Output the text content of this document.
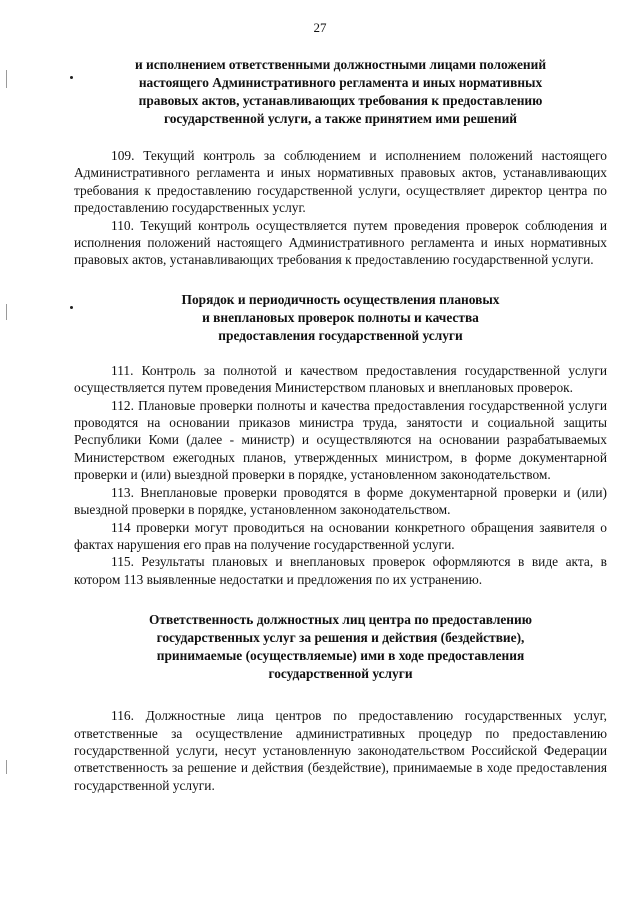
27
и исполнением ответственными должностными лицами положений
настоящего Административного регламента и иных нормативных
правовых актов, устанавливающих требования к предоставлению
государственной услуги, а также принятием ими решений

109. Текущий контроль за соблюдением и исполнением положений настоящего Административного регламента и иных нормативных правовых актов, устанавливающих требования к предоставлению государственной услуги, осуществляет директор центра по предоставлению государственных услуг.

110. Текущий контроль осуществляется путем проведения проверок соблюдения и исполнения положений настоящего Административного регламента и иных нормативных правовых актов, устанавливающих требования к предоставлению государственной услуги.

Порядок и периодичность осуществления плановых
и внеплановых проверок полноты и качества
предоставления государственной услуги

111. Контроль за полнотой и качеством предоставления государственной услуги осуществляется путем проведения Министерством плановых и внеплановых проверок.

112. Плановые проверки полноты и качества предоставления государственной услуги проводятся на основании приказов министра труда, занятости и социальной защиты Республики Коми (далее - министр) и осуществляются на основании разрабатываемых Министерством ежегодных планов, утвержденных министром, в форме документарной проверки и (или) выездной проверки в порядке, установленном законодательством.

113. Внеплановые проверки проводятся в форме документарной проверки и (или) выездной проверки в порядке, установленном законодательством.

114 проверки могут проводиться на основании конкретного обращения заявителя о фактах нарушения его прав на получение государственной услуги.

115. Результаты плановых и внеплановых проверок оформляются в виде акта, в котором 113 выявленные недостатки и предложения по их устранению.

Ответственность должностных лиц центра по предоставлению
государственных услуг за решения и действия (бездействие),
принимаемые (осуществляемые) ими в ходе предоставления
государственной услуги

116. Должностные лица центров по предоставлению государственных услуг, ответственные за осуществление административных процедур по предоставлению государственной услуги, несут установленную законодательством Российской Федерации ответственность за решение и действия (бездействие), принимаемые в ходе предоставления государственной услуги.
